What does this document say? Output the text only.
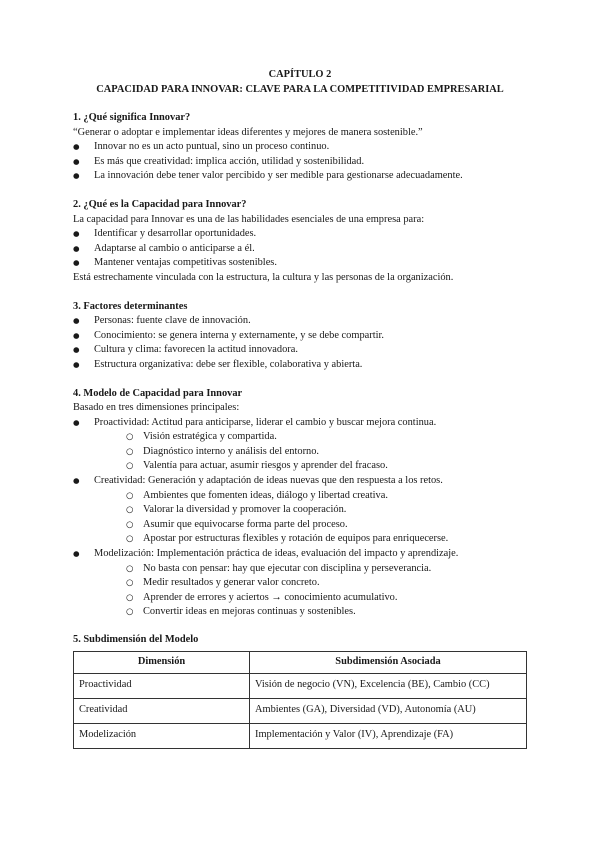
CAPÍTULO 2
CAPACIDAD PARA INNOVAR: CLAVE PARA LA COMPETITIVIDAD EMPRESARIAL
1. ¿Qué significa Innovar?
“Generar o adoptar e implementar ideas diferentes y mejores de manera sostenible.”
● Innovar no es un acto puntual, sino un proceso continuo.
● Es más que creatividad: implica acción, utilidad y sostenibilidad.
● La innovación debe tener valor percibido y ser medible para gestionarse adecuadamente.
2. ¿Qué es la Capacidad para Innovar?
La capacidad para Innovar es una de las habilidades esenciales de una empresa para:
● Identificar y desarrollar oportunidades.
● Adaptarse al cambio o anticiparse a él.
● Mantener ventajas competitivas sostenibles.
Está estrechamente vinculada con la estructura, la cultura y las personas de la organización.
3. Factores determinantes
● Personas: fuente clave de innovación.
● Conocimiento: se genera interna y externamente, y se debe compartir.
● Cultura y clima: favorecen la actitud innovadora.
● Estructura organizativa: debe ser flexible, colaborativa y abierta.
4. Modelo de Capacidad para Innovar
Basado en tres dimensiones principales:
● Proactividad: Actitud para anticiparse, liderar el cambio y buscar mejora continua.
○ Visión estratégica y compartida.
○ Diagnóstico interno y análisis del entorno.
○ Valentía para actuar, asumir riesgos y aprender del fracaso.
● Creatividad: Generación y adaptación de ideas nuevas que den respuesta a los retos.
○ Ambientes que fomenten ideas, diálogo y libertad creativa.
○ Valorar la diversidad y promover la cooperación.
○ Asumir que equivocarse forma parte del proceso.
○ Apostar por estructuras flexibles y rotación de equipos para enriquecerse.
● Modelización: Implementación práctica de ideas, evaluación del impacto y aprendizaje.
○ No basta con pensar: hay que ejecutar con disciplina y perseverancia.
○ Medir resultados y generar valor concreto.
○ Aprender de errores y aciertos → conocimiento acumulativo.
○ Convertir ideas en mejoras continuas y sostenibles.
5. Subdimensión del Modelo
Dimensión	Subdimensión Asociada
Proactividad	Visión de negocio (VN), Excelencia (BE), Cambio (CC)
Creatividad	Ambientes (GA), Diversidad (VD), Autonomía (AU)
Modelización	Implementación y Valor (IV), Aprendizaje (FA)
